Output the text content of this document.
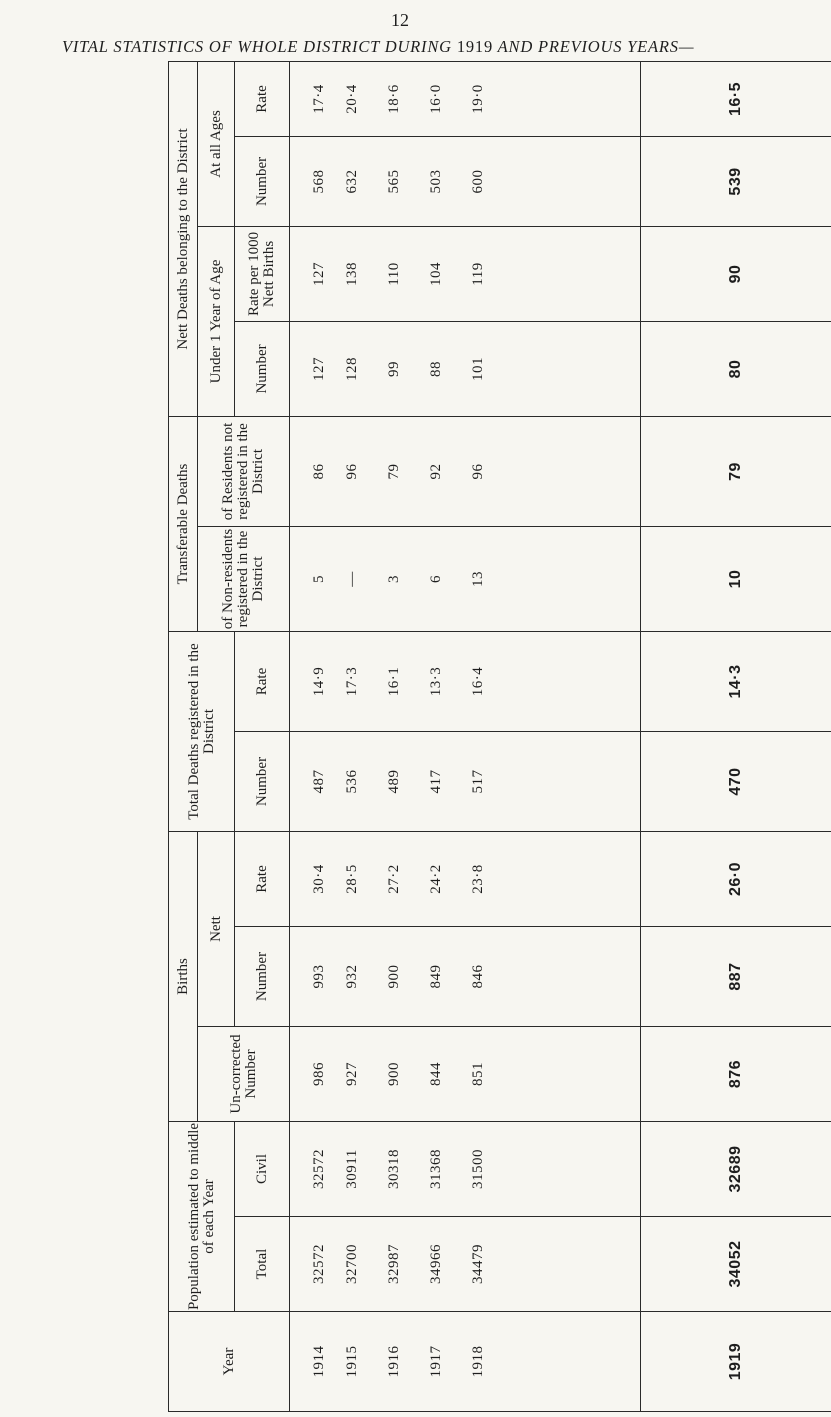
12
VITAL STATISTICS OF WHOLE DISTRICT DURING 1919 AND PREVIOUS YEARS—
Year	Population estimated to middle of each Year		Births			Total Deaths registered in the District		Transferable Deaths		Nett Deaths belonging to the District			
			Un-corrected Number	Nett				of Non-residents registered in the District	of Residents not registered in the District	Under 1 Year of Age		At all Ages	
	Total	Civil		Number	Rate	Number	Rate			Number	Rate per 1000 Nett Births	Number	Rate
1914	32572	32572	986	993	30·4	487	14·9	5	86	127	127	568	17·4
1915	32700	30911	927	932	28·5	536	17·3	—	96	128	138	632	20·4
1916	32987	30318	900	900	27·2	489	16·1	3	79	99	110	565	18·6
1917	34966	31368	844	849	24·2	417	13·3	6	92	88	104	503	16·0
1918	34479	31500	851	846	23·8	517	16·4	13	96	101	119	600	19·0

1919	34052	32689	876	887	26·0	470	14·3	10	79	80	90	539	16·5
